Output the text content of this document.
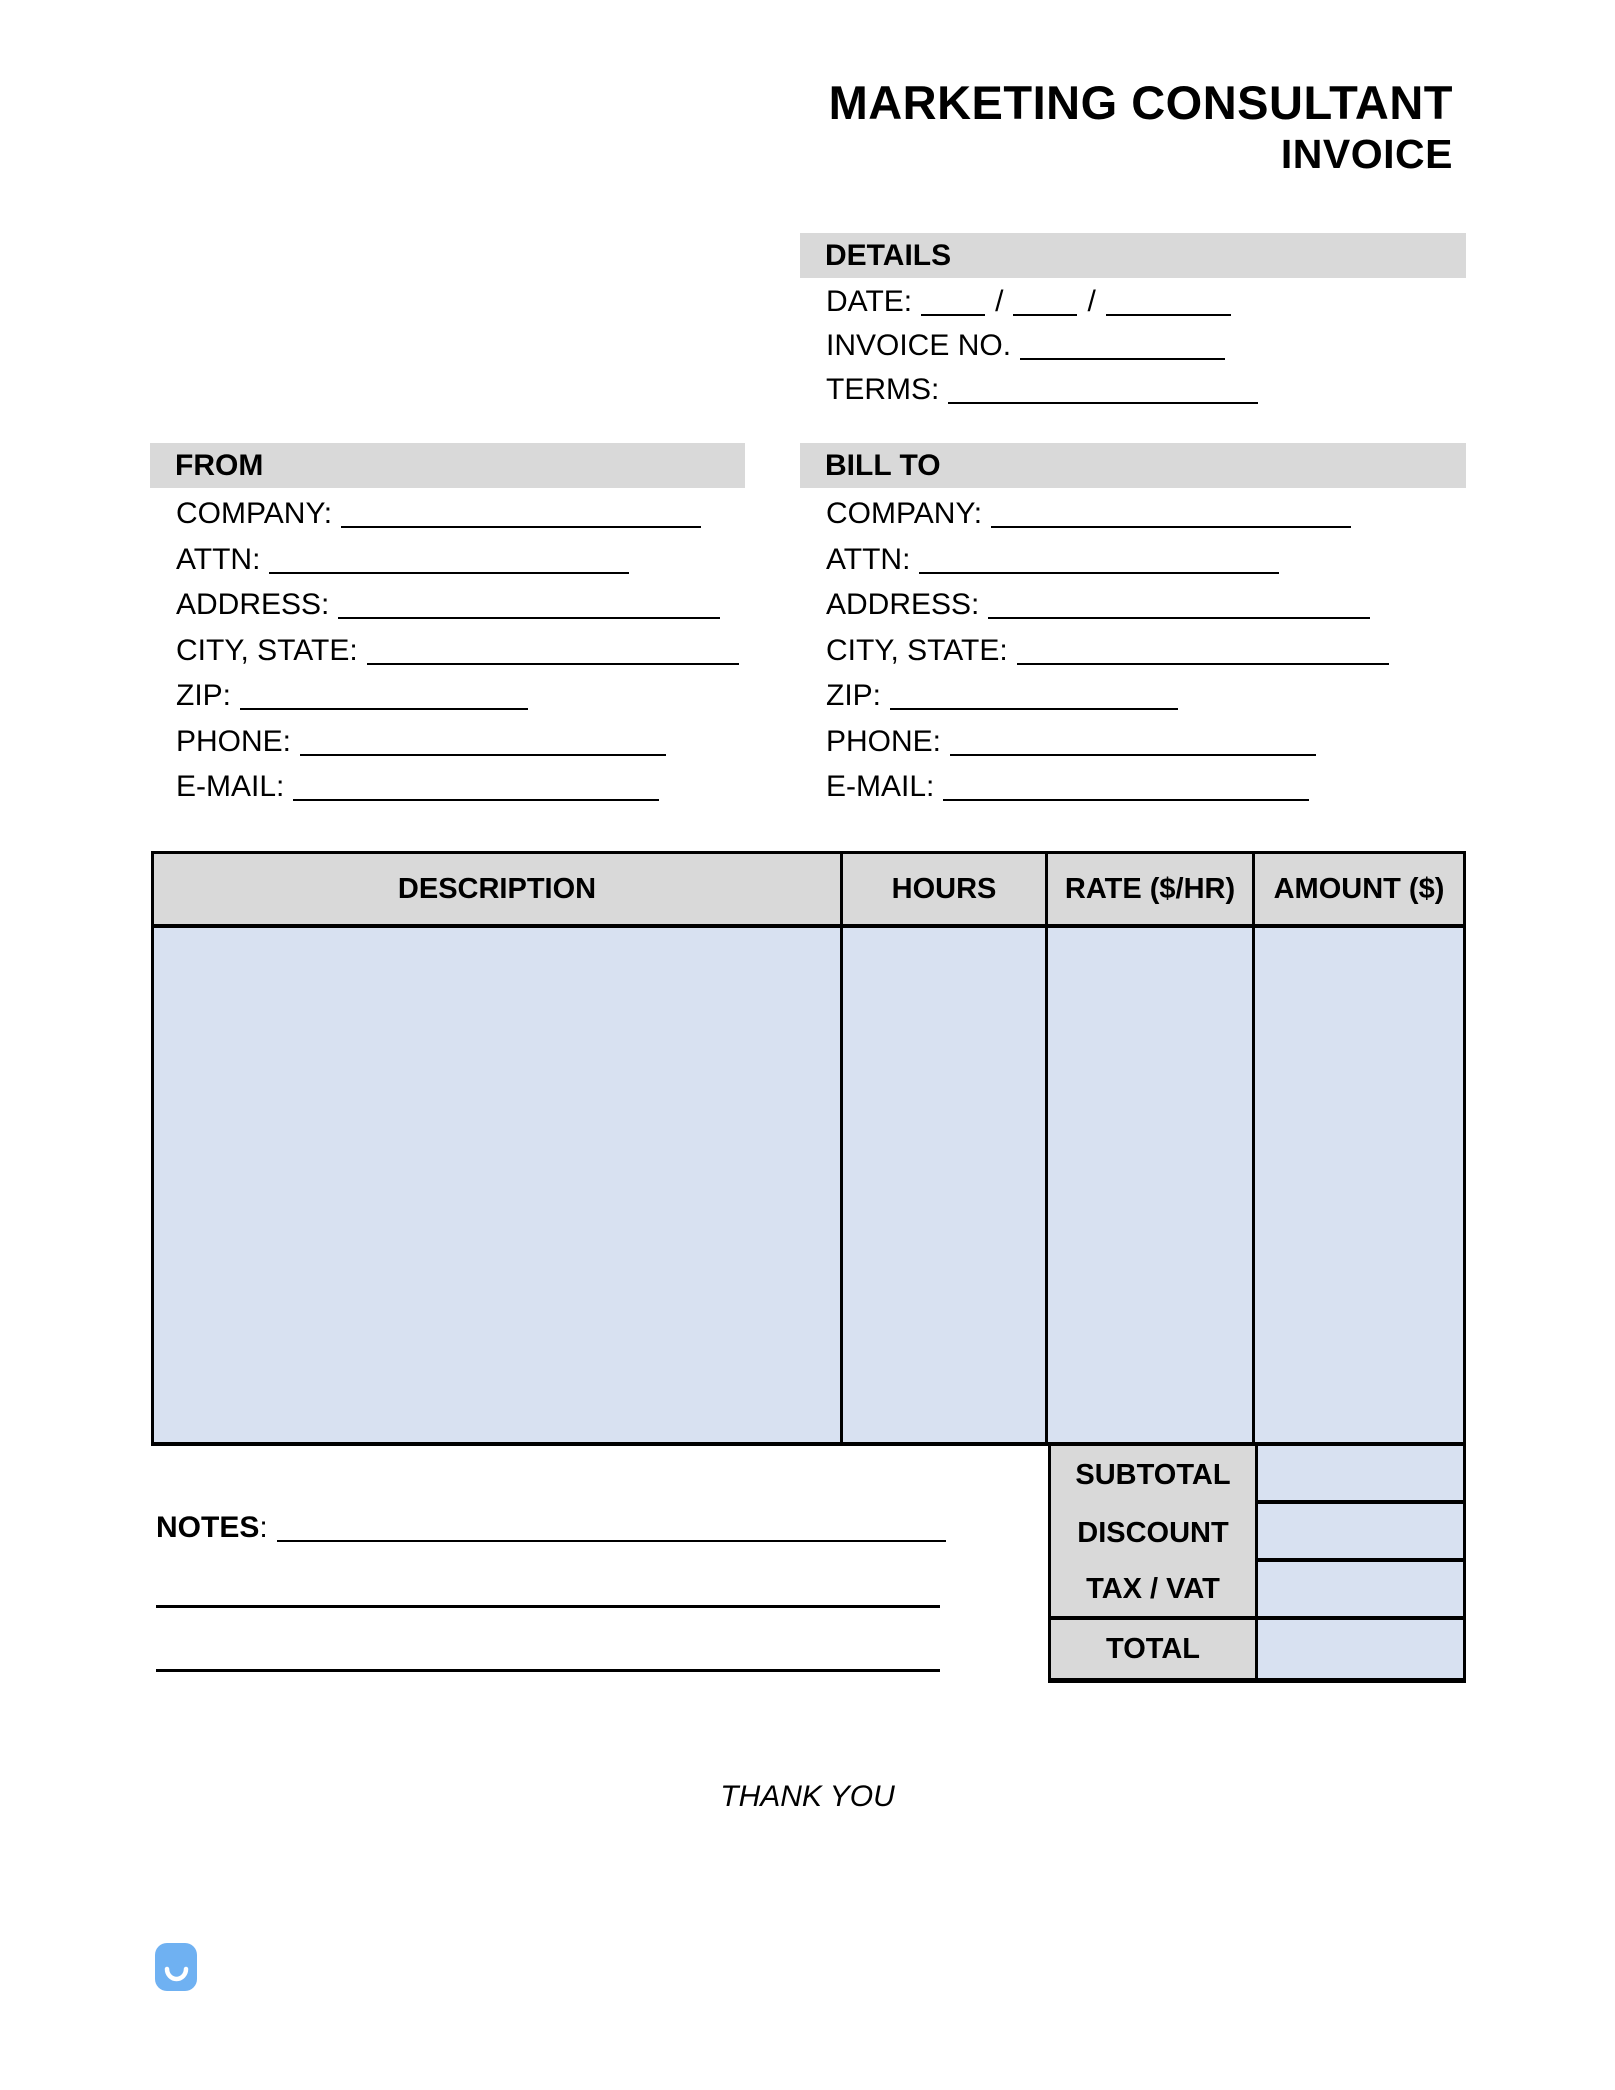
MARKETING CONSULTANT
INVOICE
DETAILS
DATE:	/	/
INVOICE NO.
TERMS:
FROM
COMPANY:
ATTN:
ADDRESS:
CITY, STATE:
ZIP:
PHONE:
E-MAIL:
BILL TO
COMPANY:
ATTN:
ADDRESS:
CITY, STATE:
ZIP:
PHONE:
E-MAIL:
DESCRIPTION	HOURS	RATE ($/HR)	AMOUNT ($)
SUBTOTAL
DISCOUNT
TAX / VAT
TOTAL
NOTES:
THANK YOU
